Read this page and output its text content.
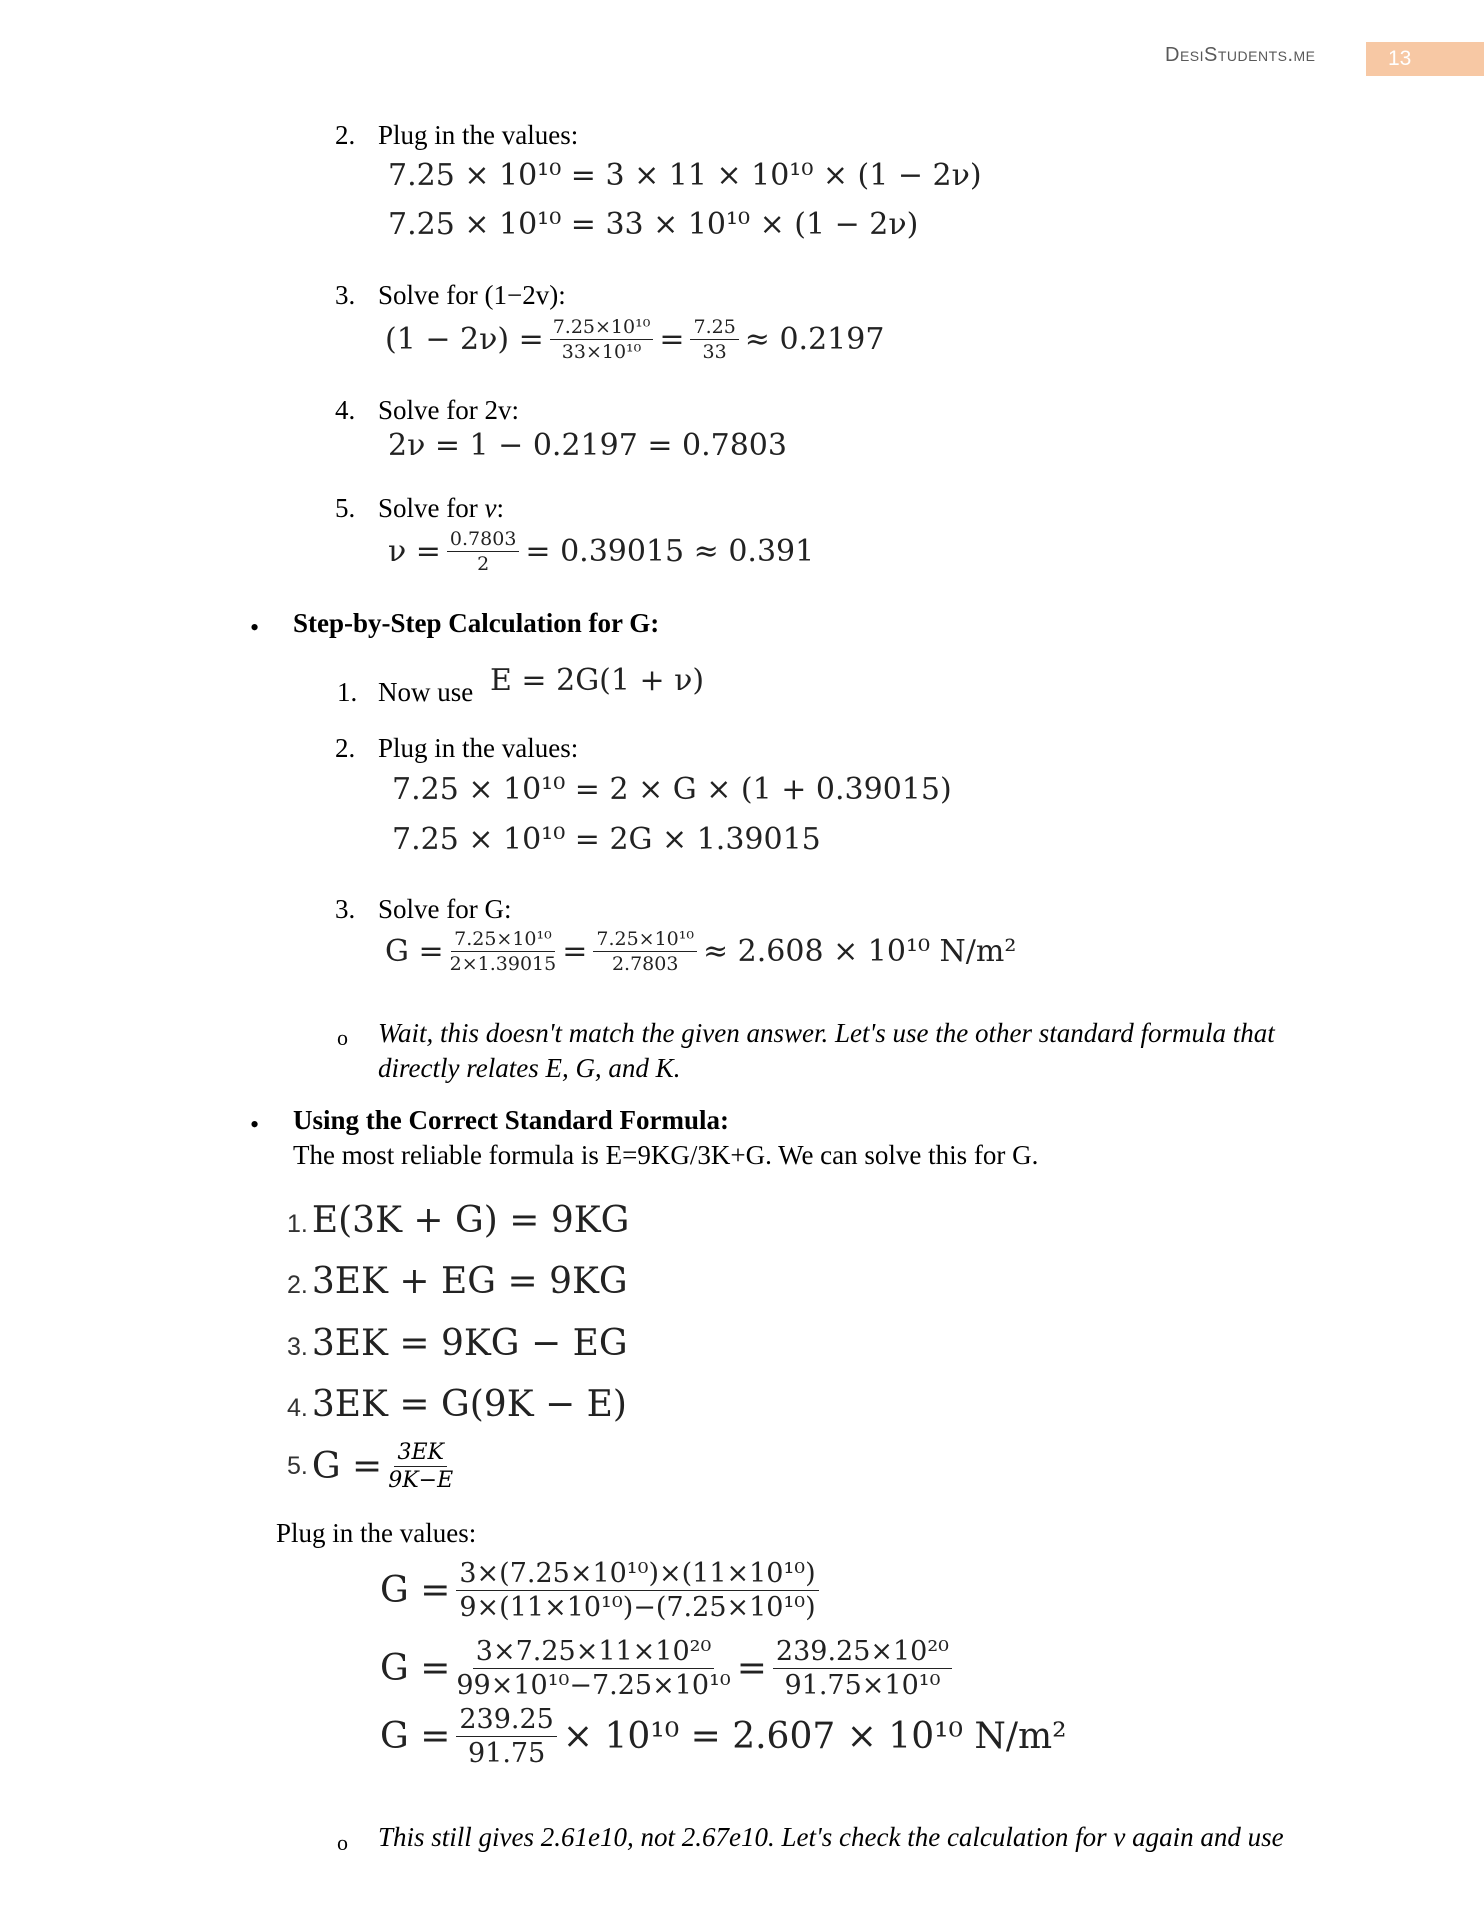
DesiStudents.me	13
2. Plug in the values:
7.25 × 10¹⁰ = 3 × 11 × 10¹⁰ × (1 − 2ν)
7.25 × 10¹⁰ = 33 × 10¹⁰ × (1 − 2ν)
3. Solve for (1−2v):
$(1 - 2\nu) = \frac{\text{7.25×10¹⁰}}{\text{33×10¹⁰}} = \frac{7.25}{33} \approx 0.2197$
4. Solve for 2v:
2ν = 1 − 0.2197 = 0.7803
5. Solve for v:
$\nu = \frac{0.7803}{2} = 0.39015 \approx 0.391$
• Step-by-Step Calculation for G:
1. Now use E = 2G(1 + ν)
2. Plug in the values:
7.25 × 10¹⁰ = 2 × G × (1 + 0.39015)
7.25 × 10¹⁰ = 2G × 1.39015
3. Solve for G:
$G = \frac{\text{7.25×10¹⁰}}{2\times 1.39015} = \frac{\text{7.25×10¹⁰}}{2.7803} \approx 2.608 \times 10^{10}$ N/m²
o Wait, this doesn't match the given answer. Let's use the other standard formula that
directly relates E, G, and K.
• Using the Correct Standard Formula:
The most reliable formula is E=9KG/3K+G. We can solve this for G.
1. E(3K + G) = 9KG
2. 3EK + EG = 9KG
3. 3EK = 9KG − EG
4. 3EK = G(9K − E)
5. $G = \frac{3EK}{9K-E}$
Plug in the values:
$G = \frac{\text{3×(7.25×10¹⁰)×(11×10¹⁰)}}{\text{9×(11×10¹⁰)−(7.25×10¹⁰)}}$
$G = \frac{\text{3×7.25×11×10²⁰}}{\text{99×10¹⁰−7.25×10¹⁰}} = \frac{\text{239.25×10²⁰}}{\text{91.75×10¹⁰}}$
$G = \frac{239.25}{91.75} \times 10^{10} = 2.607 \times 10^{10}$ N/m²
o This still gives 2.61e10, not 2.67e10. Let's check the calculation for v again and use
